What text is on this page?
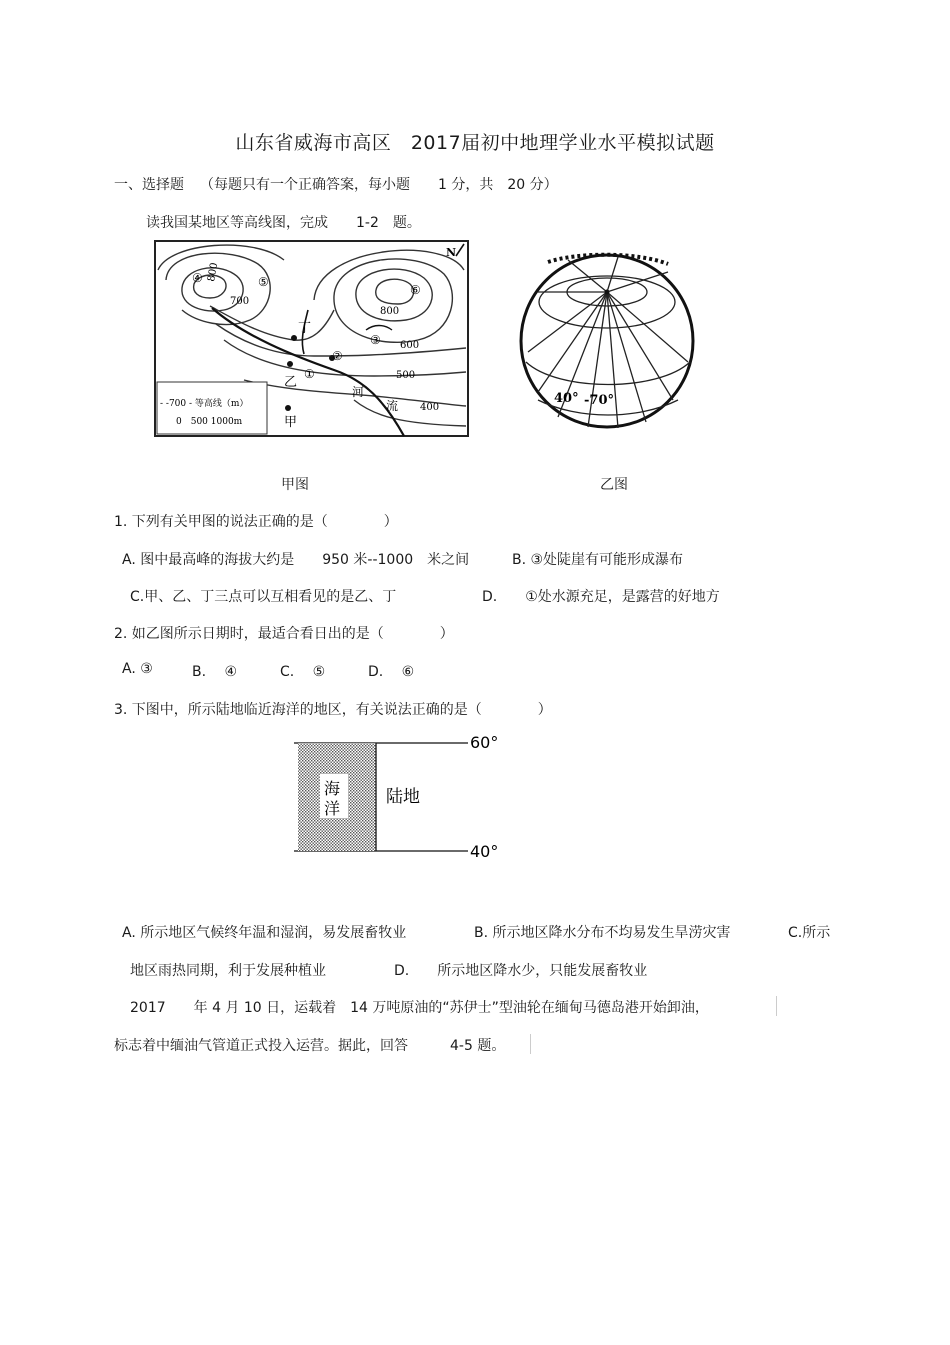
山东省威海市高区　2017届初中地理学业水平模拟试题
一、选择题 （每题只有一个正确答案，每小题　　1 分，共　20 分）
读我国某地区等高线图，完成　　1-2　题。
- -700 - 等高线（m）
0　500 1000m
800
700
800
600
500
400
丁
乙
甲
④	⑤
⑥
③
②
①
河
流
N
甲图
40° -70°
乙图
1. 下列有关甲图的说法正确的是（　　　　）
A. 图中最高峰的海拔大约是　　950 米--1000　米之间	B. ③处陡崖有可能形成瀑布
C.甲、乙、丁三点可以互相看见的是乙、丁	D.　　①处水源充足，是露营的好地方
2. 如乙图所示日期时，最适合看日出的是（　　　　）
A. ③	B.　 ④	C.　 ⑤	D.　 ⑥
3. 下图中，所示陆地临近海洋的地区，有关说法正确的是（　　　　）
海
洋
陆地
60°
40°
A. 所示地区气候终年温和湿润，易发展畜牧业	B. 所示地区降水分布不均易发生旱涝灾害	C.所示
地区雨热同期，利于发展种植业	D.　　所示地区降水少，只能发展畜牧业
2017　　年 4 月 10 日，运载着　14 万吨原油的“苏伊士”型油轮在缅甸马德岛港开始卸油，
标志着中缅油气管道正式投入运营。据此，回答　　　4-5 题。
